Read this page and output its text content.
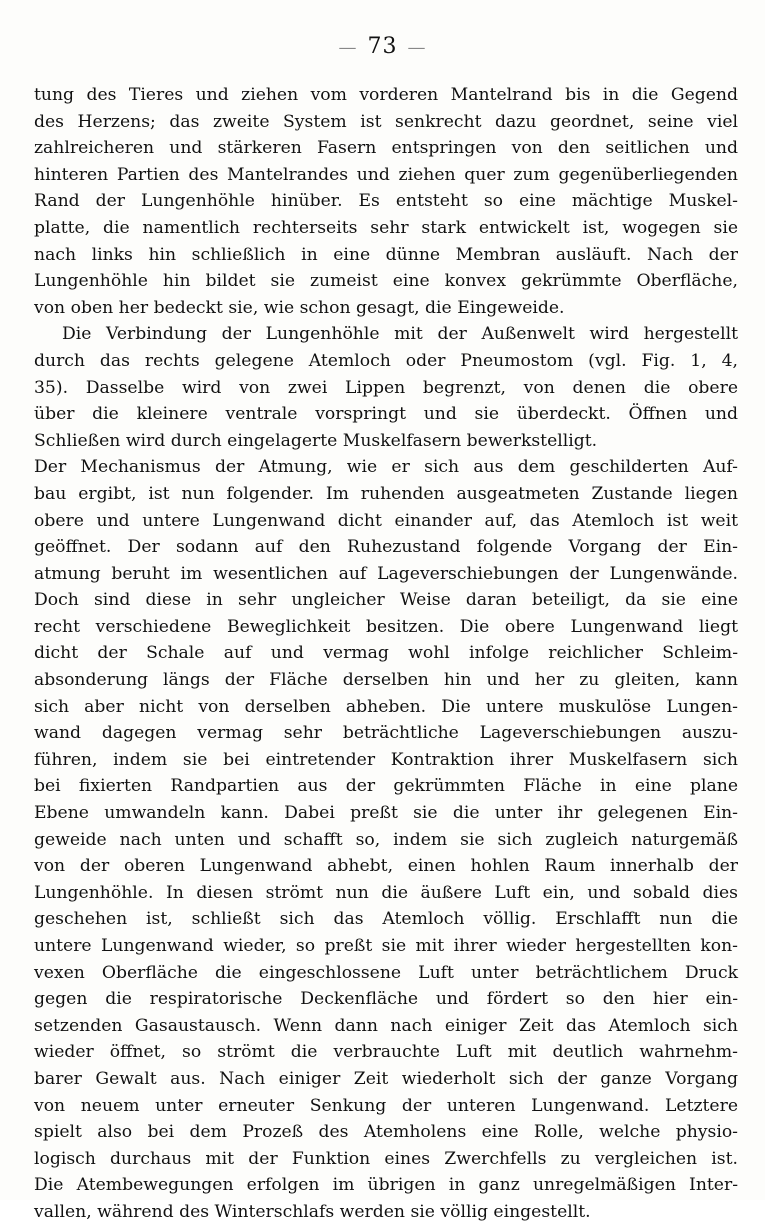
— 73 —
tung des Tieres und ziehen vom vorderen Mantelrand bis in die Gegend
des Herzens; das zweite System ist senkrecht dazu geordnet, seine viel
zahlreicheren und stärkeren Fasern entspringen von den seitlichen und
hinteren Partien des Mantelrandes und ziehen quer zum gegenüberliegenden
Rand der Lungenhöhle hinüber. Es entsteht so eine mächtige Muskel-
platte, die namentlich rechterseits sehr stark entwickelt ist, wogegen sie
nach links hin schließlich in eine dünne Membran ausläuft. Nach der
Lungenhöhle hin bildet sie zumeist eine konvex gekrümmte Oberfläche,
von oben her bedeckt sie, wie schon gesagt, die Eingeweide.
Die Verbindung der Lungenhöhle mit der Außenwelt wird hergestellt
durch das rechts gelegene Atemloch oder Pneumostom (vgl. Fig. 1, 4,
35). Dasselbe wird von zwei Lippen begrenzt, von denen die obere
über die kleinere ventrale vorspringt und sie überdeckt. Öffnen und
Schließen wird durch eingelagerte Muskelfasern bewerkstelligt.
Der Mechanismus der Atmung, wie er sich aus dem geschilderten Auf-
bau ergibt, ist nun folgender. Im ruhenden ausgeatmeten Zustande liegen
obere und untere Lungenwand dicht einander auf, das Atemloch ist weit
geöffnet. Der sodann auf den Ruhezustand folgende Vorgang der Ein-
atmung beruht im wesentlichen auf Lageverschiebungen der Lungenwände.
Doch sind diese in sehr ungleicher Weise daran beteiligt, da sie eine
recht verschiedene Beweglichkeit besitzen. Die obere Lungenwand liegt
dicht der Schale auf und vermag wohl infolge reichlicher Schleim-
absonderung längs der Fläche derselben hin und her zu gleiten, kann
sich aber nicht von derselben abheben. Die untere muskulöse Lungen-
wand dagegen vermag sehr beträchtliche Lageverschiebungen auszu-
führen, indem sie bei eintretender Kontraktion ihrer Muskelfasern sich
bei fixierten Randpartien aus der gekrümmten Fläche in eine plane
Ebene umwandeln kann. Dabei preßt sie die unter ihr gelegenen Ein-
geweide nach unten und schafft so, indem sie sich zugleich naturgemäß
von der oberen Lungenwand abhebt, einen hohlen Raum innerhalb der
Lungenhöhle. In diesen strömt nun die äußere Luft ein, und sobald dies
geschehen ist, schließt sich das Atemloch völlig. Erschlafft nun die
untere Lungenwand wieder, so preßt sie mit ihrer wieder hergestellten kon-
vexen Oberfläche die eingeschlossene Luft unter beträchtlichem Druck
gegen die respiratorische Deckenfläche und fördert so den hier ein-
setzenden Gasaustausch. Wenn dann nach einiger Zeit das Atemloch sich
wieder öffnet, so strömt die verbrauchte Luft mit deutlich wahrnehm-
barer Gewalt aus. Nach einiger Zeit wiederholt sich der ganze Vorgang
von neuem unter erneuter Senkung der unteren Lungenwand. Letztere
spielt also bei dem Prozeß des Atemholens eine Rolle, welche physio-
logisch durchaus mit der Funktion eines Zwerchfells zu vergleichen ist.
Die Atembewegungen erfolgen im übrigen in ganz unregelmäßigen Inter-
vallen, während des Winterschlafs werden sie völlig eingestellt.
